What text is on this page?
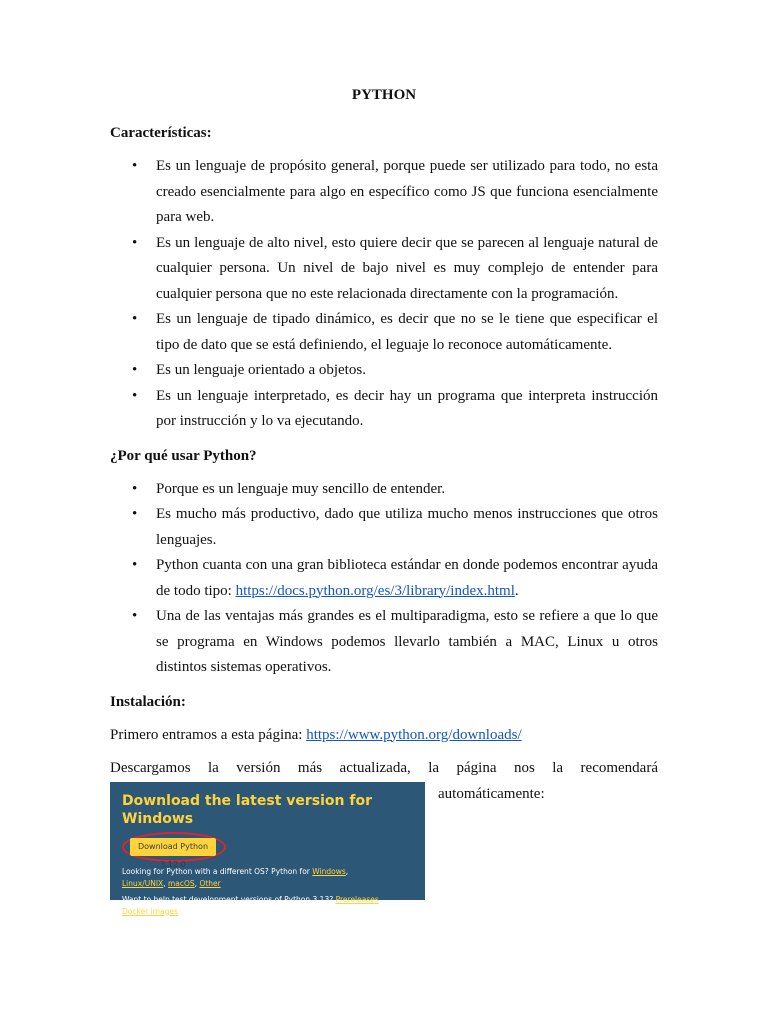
PYTHON
Características:
• Es un lenguaje de propósito general, porque puede ser utilizado para todo, no esta creado esencialmente para algo en específico como JS que funciona esencialmente para web.
• Es un lenguaje de alto nivel, esto quiere decir que se parecen al lenguaje natural de cualquier persona. Un nivel de bajo nivel es muy complejo de entender para cualquier persona que no este relacionada directamente con la programación.
• Es un lenguaje de tipado dinámico, es decir que no se le tiene que especificar el tipo de dato que se está definiendo, el leguaje lo reconoce automáticamente.
• Es un lenguaje orientado a objetos.
• Es un lenguaje interpretado, es decir hay un programa que interpreta instrucción por instrucción y lo va ejecutando.
¿Por qué usar Python?
• Porque es un lenguaje muy sencillo de entender.
• Es mucho más productivo, dado que utiliza mucho menos instrucciones que otros lenguajes.
• Python cuanta con una gran biblioteca estándar en donde podemos encontrar ayuda de todo tipo: https://docs.python.org/es/3/library/index.html.
• Una de las ventajas más grandes es el multiparadigma, esto se refiere a que lo que se programa en Windows podemos llevarlo también a MAC, Linux u otros distintos sistemas operativos.
Instalación:

Primero entramos a esta página: https://www.python.org/downloads/

Descargamos la versión más actualizada, la página nos la recomendará

Download the latest version for Windows
Download Python 3.12.0
Looking for Python with a different OS? Python for Windows,
Linux/UNIX, macOS, Other
Want to help test development versions of Python 3.13? Prereleases,
Docker images
automáticamente:
